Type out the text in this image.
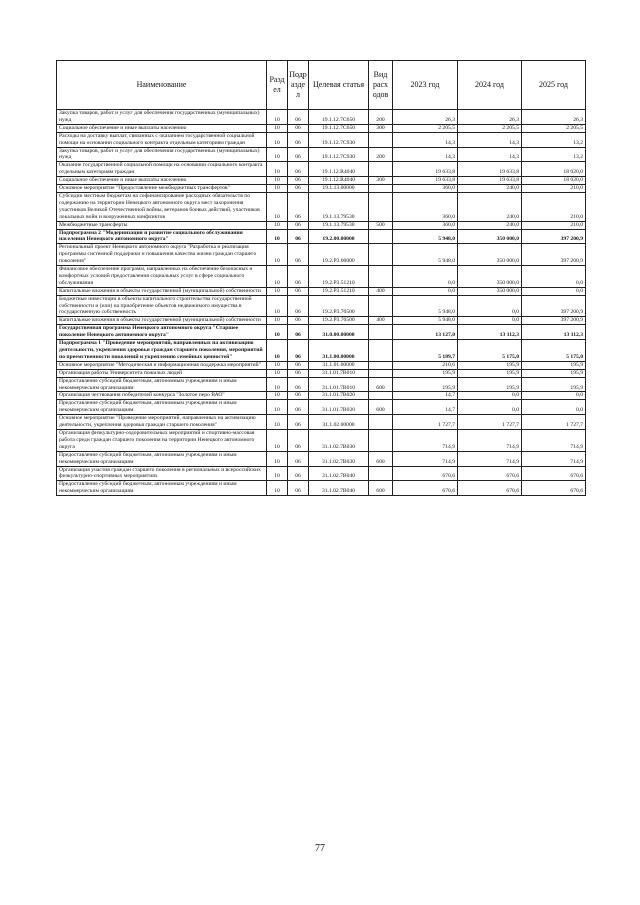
Наименование	Разд ел	Подр азде л	Целевая статья	Вид расх одов	2023 год	2024 год	2025 год
Закупка товаров, работ и услуг для обеспечения государственных (муниципальных) нужд	10	06	19.1.12.7С650	200	26,3	26,3	26,3
Социальное обеспечение и иные выплаты населению	10	06	19.1.12.7С650	300	2 205,5	2 205,5	2 205,5
Расходы на доставку выплат, связанных с оказанием государственной социальной помощи на основании социального контракта отдельным категориям граждан	10	06	19.1.12.7С930		14,3	14,3	13,2
Закупка товаров, работ и услуг для обеспечения государственных (муниципальных) нужд	10	06	19.1.12.7С930	200	14,3	14,3	13,2
Оказание государственной социальной помощи на основании социального контракта отдельным категориям граждан	10	06	19.1.12.R4040		19 633,8	19 633,8	18 020,0
Социальное обеспечение и иные выплаты населению	10	06	19.1.12.R4040	300	19 633,8	19 633,8	18 020,0
Основное мероприятие "Предоставление межбюджетных трансфертов"	10	06	19.1.13.00000		360,0	240,0	210,0
Субсидии местным бюджетам на софинансирование расходных обязательств по содержанию на территории Ненецкого автономного округа мест захоронения участников Великой Отечественной войны, ветеранов боевых действий, участников локальных войн и вооруженных конфликтов	10	06	19.1.13.79530		360,0	240,0	210,0
Межбюджетные трансферты	10	06	19.1.13.79530	500	360,0	240,0	210,0
Подпрограмма 2 "Модернизация и развитие социального обслуживания населения Ненецкого автономного округа"	10	06	19.2.00.00000		5 948,0	350 000,0	397 200,9
Региональный проект Ненецкого автономного округа "Разработка и реализация программы системной поддержки и повышения качества жизни граждан старшего поколения"	10	06	19.2.P3.00000		5 948,0	350 000,0	397 200,9
Финансовое обеспечение программ, направленных на обеспечение безопасных и комфортных условий предоставления социальных услуг в сфере социального обслуживания	10	06	19.2.P3.51210		0,0	350 000,0	0,0
Капитальные вложения в объекты государственной (муниципальной) собственности	10	06	19.2.P3.51210	400	0,0	350 000,0	0,0
Бюджетные инвестиции в объекты капитального строительства государственной собственности и (или) на приобретение объектов недвижимого имущества в государственную собственность	10	06	19.2.P3.70500		5 948,0	0,0	397 200,9
Капитальные вложения в объекты государственной (муниципальной) собственности	10	06	19.2.P3.70500	400	5 948,0	0,0	397 200,9
Государственная программа Ненецкого автономного округа "Старшее поколение Ненецкого автономного округа"	10	06	31.0.00.00000		13 127,0	13 112,3	13 112,3
Подпрограмма 1 "Проведение мероприятий, направленных на активизацию деятельности, укрепления здоровья граждан старшего поколения, мероприятий по преемственности поколений и укреплению семейных ценностей"	10	06	31.1.00.00000		5 189,7	5 175,0	5 175,0
Основное мероприятие "Методическая и информационная поддержка мероприятий"	10	06	31.1.01.00000		210,6	195,9	195,9
Организация работы Университета пожилых людей	10	06	31.1.01.7В010		195,9	195,9	195,9
Предоставление субсидий бюджетным, автономным учреждениям и иным некоммерческим организациям	10	06	31.1.01.7В010	600	195,9	195,9	195,9
Организация чествования победителей конкурса "Золотое перо ВАО"	10	06	31.1.01.7В020		14,7	0,0	0,0
Предоставление субсидий бюджетным, автономным учреждениям и иным некоммерческим организациям	10	06	31.1.01.7В020	600	14,7	0,0	0,0
Основное мероприятие "Проведение мероприятий, направленных на активизацию деятельности, укрепления здоровья граждан старшего поколения"	10	06	31.1.02.00000		1 727,7	1 727,7	1 727,7
Организация физкультурно-оздоровительных мероприятий и спортивно-массовая работа среди граждан старшего поколения на территории Ненецкого автономного округа	10	06	31.1.02.7В030		714,9	714,9	714,9
Предоставление субсидий бюджетным, автономным учреждениям и иным некоммерческим организациям	10	06	31.1.02.7В030	600	714,9	714,9	714,9
Организация участия граждан старшего поколения в региональных и всероссийских физкультурно-спортивных мероприятиях	10	06	31.1.02.7В040		670,6	670,6	670,6
Предоставление субсидий бюджетным, автономным учреждениям и иным некоммерческим организациям	10	06	31.1.02.7В040	600	670,6	670,6	670,6
77
